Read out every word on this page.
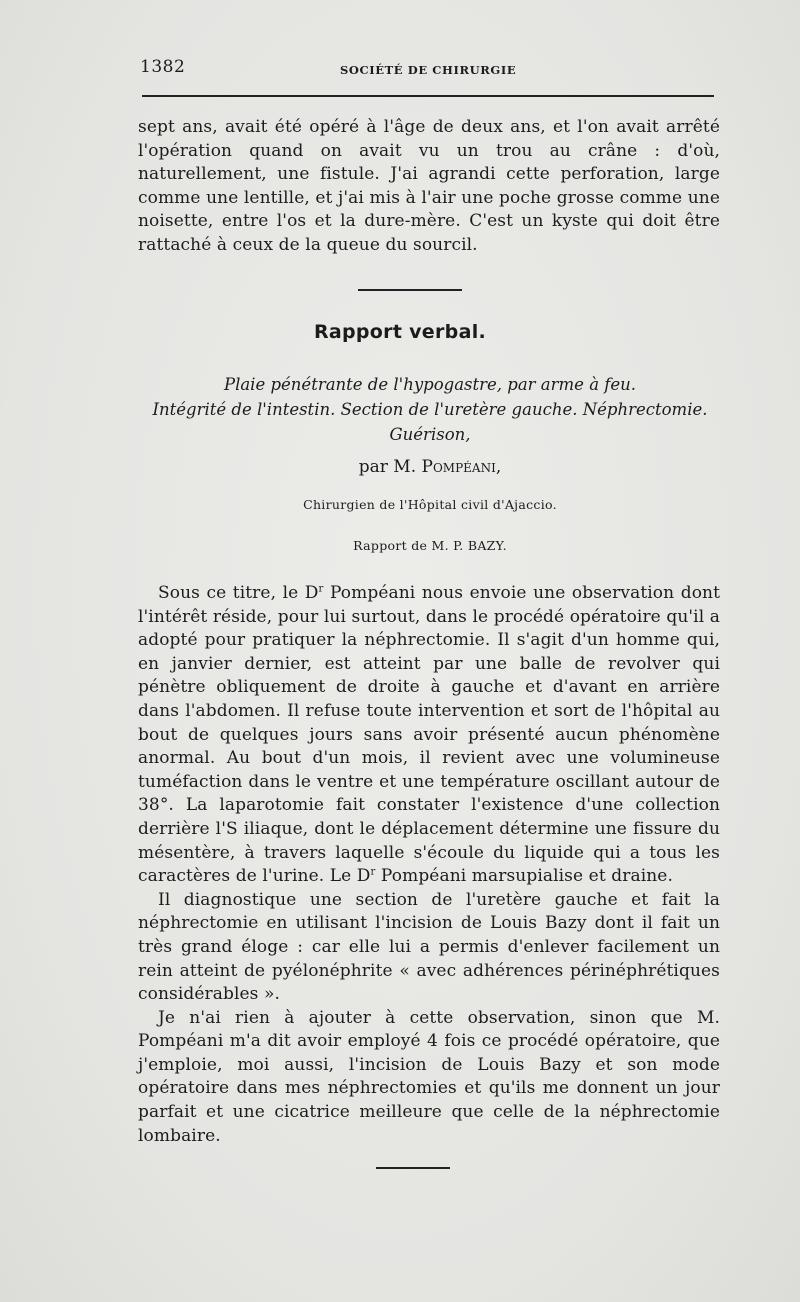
1382	SOCIÉTÉ DE CHIRURGIE

sept ans, avait été opéré à l'âge de deux ans, et l'on avait arrêté l'opération quand on avait vu un trou au crâne : d'où, naturellement, une fistule. J'ai agrandi cette perforation, large comme une lentille, et j'ai mis à l'air une poche grosse comme une noisette, entre l'os et la dure-mère. C'est un kyste qui doit être rattaché à ceux de la queue du sourcil.

Rapport verbal.
Plaie pénétrante de l'hypogastre, par arme à feu.
Intégrité de l'intestin. Section de l'uretère gauche. Néphrectomie.
Guérison,
par M. Pompéani,
Chirurgien de l'Hôpital civil d'Ajaccio.
Rapport de M. P. BAZY.

Sous ce titre, le $D^r$ Pompéani nous envoie une observation dont l'intérêt réside, pour lui surtout, dans le procédé opératoire qu'il a adopté pour pratiquer la néphrectomie. Il s'agit d'un homme qui, en janvier dernier, est atteint par une balle de revolver qui pénètre obliquement de droite à gauche et d'avant en arrière dans l'abdomen. Il refuse toute intervention et sort de l'hôpital au bout de quelques jours sans avoir présenté aucun phénomène anormal. Au bout d'un mois, il revient avec une volumineuse tuméfaction dans le ventre et une température oscillant autour de 38°. La laparotomie fait constater l'existence d'une collection derrière l'S iliaque, dont le déplacement détermine une fissure du mésentère, à travers laquelle s'écoule du liquide qui a tous les caractères de l'urine. Le $D^r$ Pompéani marsupialise et draine.

Il diagnostique une section de l'uretère gauche et fait la néphrectomie en utilisant l'incision de Louis Bazy dont il fait un très grand éloge : car elle lui a permis d'enlever facilement un rein atteint de pyélonéphrite « avec adhérences périnéphrétiques considérables ».

Je n'ai rien à ajouter à cette observation, sinon que M. Pompéani m'a dit avoir employé 4 fois ce procédé opératoire, que j'emploie, moi aussi, l'incision de Louis Bazy et son mode opératoire dans mes néphrectomies et qu'ils me donnent un jour parfait et une cicatrice meilleure que celle de la néphrectomie lombaire.
